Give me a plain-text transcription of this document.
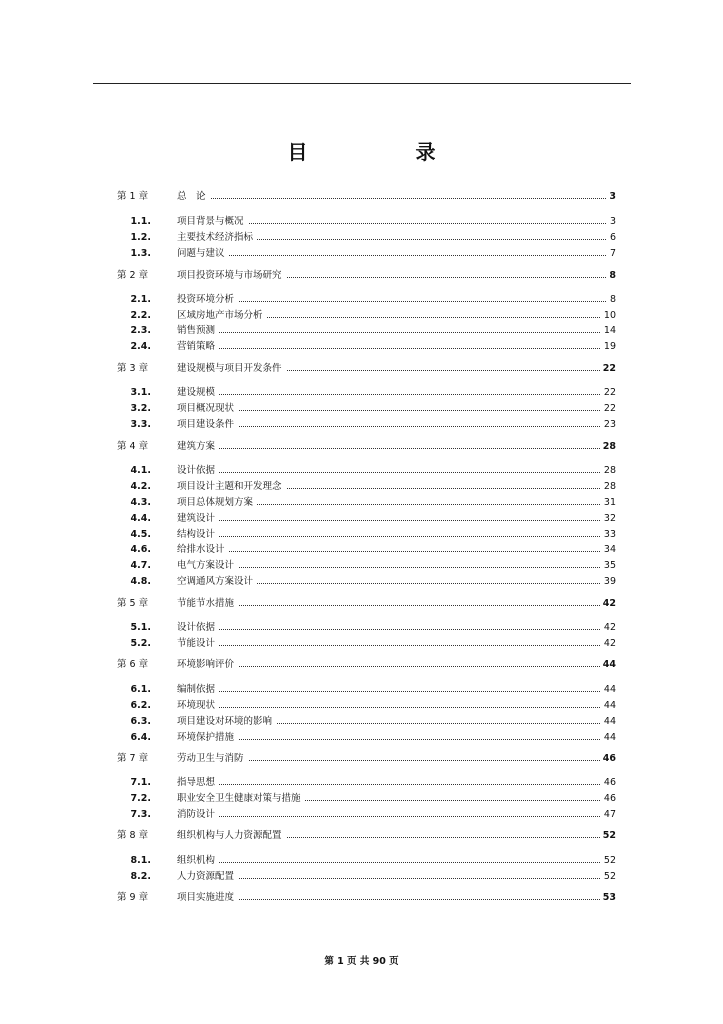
目　录
第 1 章	总　论	3
1.1.	项目背景与概况	3
1.2.	主要技术经济指标	6
1.3.	问题与建议	7
第 2 章	项目投资环境与市场研究	8
2.1.	投资环境分析	8
2.2.	区域房地产市场分析	10
2.3.	销售预测	14
2.4.	营销策略	19
第 3 章	建设规模与项目开发条件	22
3.1.	建设规模	22
3.2.	项目概况现状	22
3.3.	项目建设条件	23
第 4 章	建筑方案	28
4.1.	设计依据	28
4.2.	项目设计主题和开发理念	28
4.3.	项目总体规划方案	31
4.4.	建筑设计	32
4.5.	结构设计	33
4.6.	给排水设计	34
4.7.	电气方案设计	35
4.8.	空调通风方案设计	39
第 5 章	节能节水措施	42
5.1.	设计依据	42
5.2.	节能设计	42
第 6 章	环境影响评价	44
6.1.	编制依据	44
6.2.	环境现状	44
6.3.	项目建设对环境的影响	44
6.4.	环境保护措施	44
第 7 章	劳动卫生与消防	46
7.1.	指导思想	46
7.2.	职业安全卫生健康对策与措施	46
7.3.	消防设计	47
第 8 章	组织机构与人力资源配置	52
8.1.	组织机构	52
8.2.	人力资源配置	52
第 9 章	项目实施进度	53
第 1 页 共 90 页
